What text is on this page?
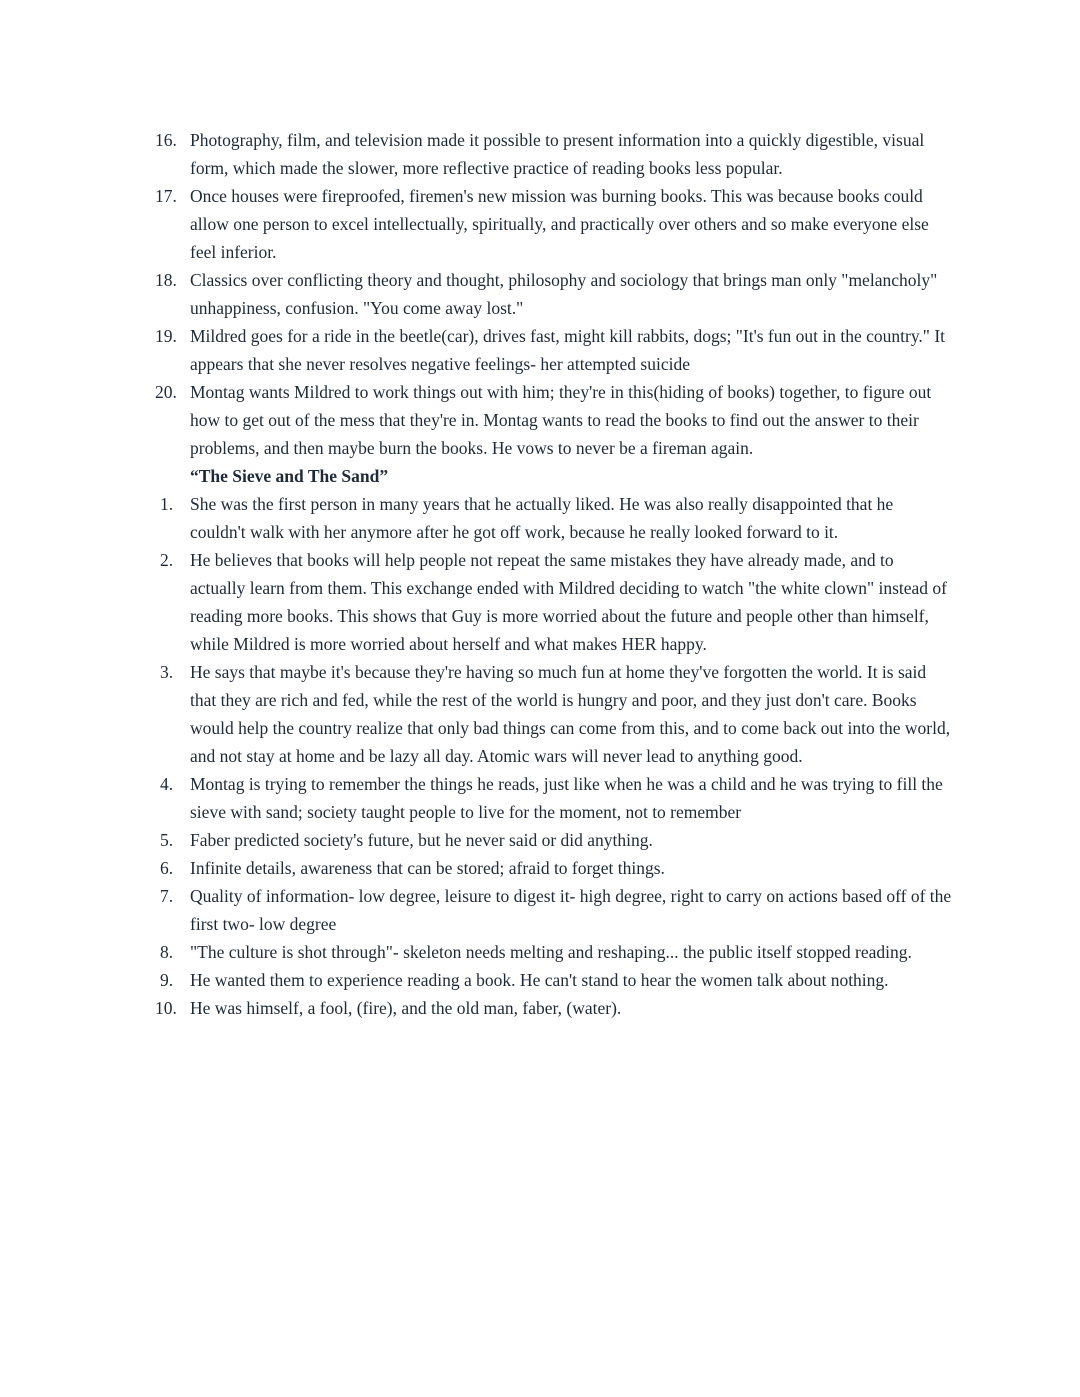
16. Photography, film, and television made it possible to present information into a quickly digestible, visual form, which made the slower, more reflective practice of reading books less popular.
17. Once houses were fireproofed, firemen's new mission was burning books. This was because books could allow one person to excel intellectually, spiritually, and practically over others and so make everyone else feel inferior.
18. Classics over conflicting theory and thought, philosophy and sociology that brings man only "melancholy" unhappiness, confusion. "You come away lost."
19. Mildred goes for a ride in the beetle(car), drives fast, might kill rabbits, dogs; "It's fun out in the country." It appears that she never resolves negative feelings- her attempted suicide
20. Montag wants Mildred to work things out with him; they're in this(hiding of books) together, to figure out how to get out of the mess that they're in. Montag wants to read the books to find out the answer to their problems, and then maybe burn the books. He vows to never be a fireman again.
“The Sieve and The Sand”
1. She was the first person in many years that he actually liked. He was also really disappointed that he couldn't walk with her anymore after he got off work, because he really looked forward to it.
2. He believes that books will help people not repeat the same mistakes they have already made, and to actually learn from them. This exchange ended with Mildred deciding to watch "the white clown" instead of reading more books. This shows that Guy is more worried about the future and people other than himself, while Mildred is more worried about herself and what makes HER happy.
3. He says that maybe it's because they're having so much fun at home they've forgotten the world. It is said that they are rich and fed, while the rest of the world is hungry and poor, and they just don't care. Books would help the country realize that only bad things can come from this, and to come back out into the world, and not stay at home and be lazy all day. Atomic wars will never lead to anything good.
4. Montag is trying to remember the things he reads, just like when he was a child and he was trying to fill the sieve with sand; society taught people to live for the moment, not to remember
5. Faber predicted society's future, but he never said or did anything.
6. Infinite details, awareness that can be stored; afraid to forget things.
7. Quality of information- low degree, leisure to digest it- high degree, right to carry on actions based off of the first two- low degree
8. "The culture is shot through"- skeleton needs melting and reshaping... the public itself stopped reading.
9. He wanted them to experience reading a book. He can't stand to hear the women talk about nothing.
10. He was himself, a fool, (fire), and the old man, faber, (water).
